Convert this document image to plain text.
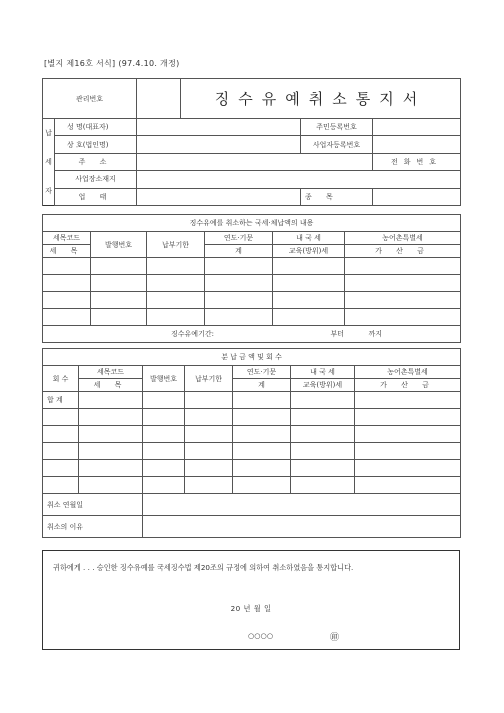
[별지 제16호 서식] (97.4.10. 개정)
관리번호			징수유예취소통지서		

납
세
자	성 명(대표자)			주민등록번호	
	상 호(법인명)			사업자등록번호	
	주 소				전화번호
	사업장소재지				
	업 태			종 목	
징수유예를 취소하는 국세·체납액의 내용					
세목코드	발행번호	납부기한	연도·기문	내 국 세	농어촌특별세
세 목			계	교육(방위)세	가 산 금

징수유예기간: 부터 까지					
분 납 금 액 및 회 수						
회 수	세목코드	발행번호	납부기한	연도·기문	내 국 세	농어촌특별세
	세 목			계	교육(방위)세	가 산 금
합 계						

취소 연월일						
취소의 이유						
귀하에게 . . . 승인한 징수유예를 국세징수법 제20조의 규정에 의하여 취소하였음을 통지합니다.
20 년 월 일
○○○○	㊞
